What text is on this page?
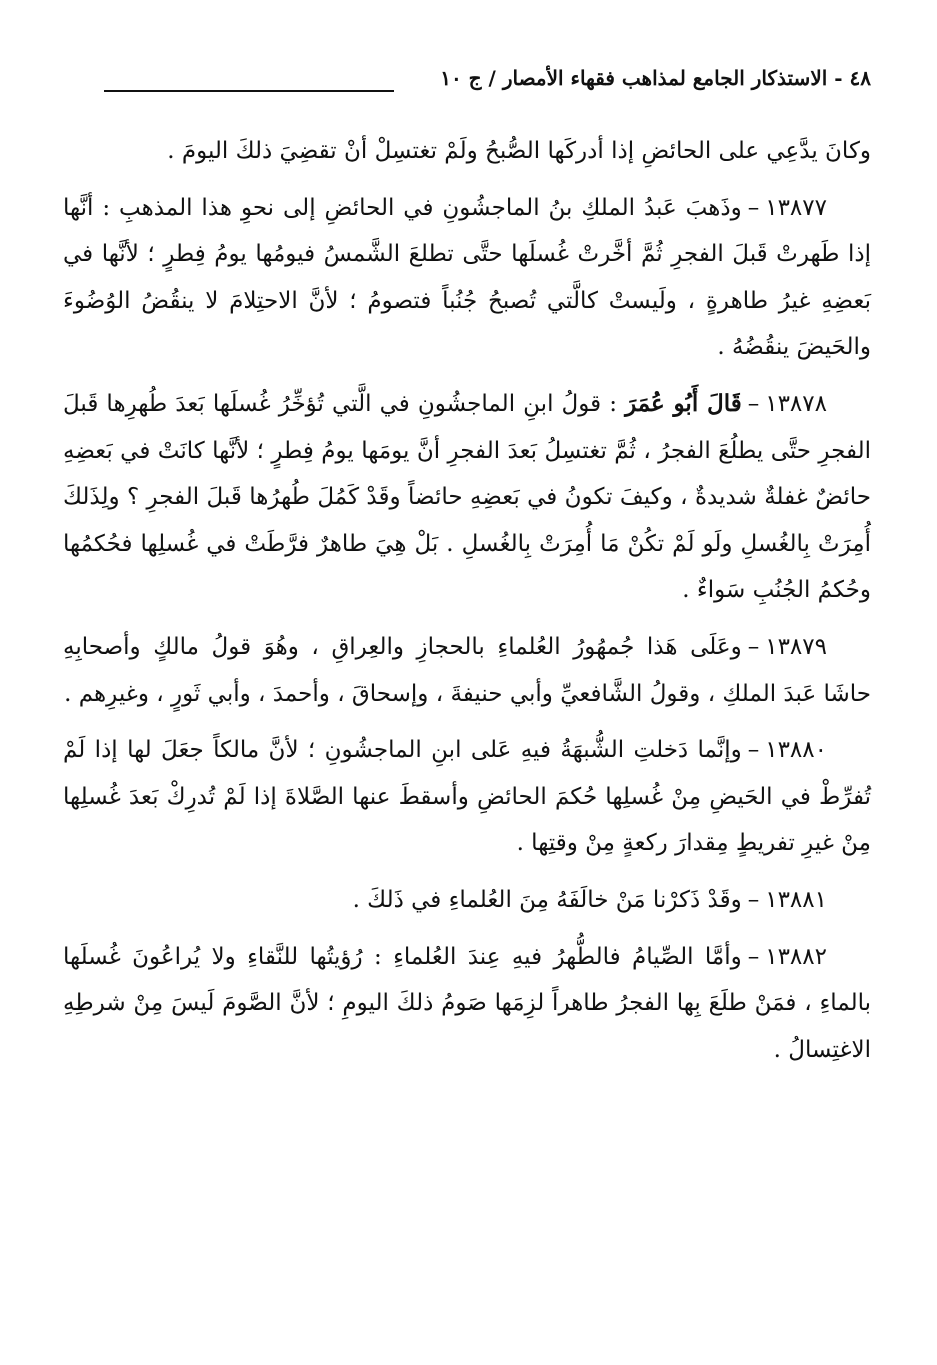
٤٨ - الاستذكار الجامع لمذاهب فقهاء الأمصار / ج ١٠

وكانَ يدَّعِي على الحائضِ إذا أدركَها الصُّبحُ ولَمْ تغتسِلْ أنْ تقضِيَ ذلكَ اليومَ .

١٣٨٧٧–وذَهبَ عَبدُ الملكِ بنُ الماجشُونِ في الحائضِ إلى نحوِ هذا المذهبِ : أنَّها إذا طَهرتْ قَبلَ الفجرِ ثُمَّ أخَّرتْ غُسلَها حتَّى تطلعَ الشَّمسُ فيومُها يومُ فِطرٍ ؛ لأنَّها في بَعضِهِ غيرُ طاهرةٍ ، ولَيستْ كالَّتي تُصبحُ جُنُباً فتصومُ ؛ لأنَّ الاحتِلامَ لا ينقُضُ الوُضُوءَ والحَيضَ ينقُضُهُ .

١٣٨٧٨–قَالَ أَبُو عُمَرَ : قولُ ابنِ الماجشُونِ في الَّتي تُؤخِّرُ غُسلَها بَعدَ طُهرِها قَبلَ الفجرِ حتَّى يطلُعَ الفجرُ ، ثُمَّ تغتسِلُ بَعدَ الفجرِ أنَّ يومَها يومُ فِطرٍ ؛ لأنَّها كانَتْ في بَعضِهِ حائضٌ غفلةٌ شديدةٌ ، وكيفَ تكونُ في بَعضِهِ حائضاً وقَدْ كَمُلَ طُهرُها قَبلَ الفجرِ ؟ ولِذَلكَ أُمِرَتْ بِالغُسلِ ولَو لَمْ تكُنْ مَا أُمِرَتْ بِالغُسلِ . بَلْ هِيَ طاهرٌ فرَّطَتْ في غُسلِها فحُكمُها وحُكمُ الجُنُبِ سَواءٌ .

١٣٨٧٩–وعَلَى هَذا جُمهُورُ العُلماءِ بالحجازِ والعِراقِ ، وهُوَ قولُ مالكٍ وأصحابِهِ حاشَا عَبدَ الملكِ ، وقولُ الشَّافعيِّ وأبي حنيفةَ ، وإسحاقَ ، وأحمدَ ، وأبي ثَورٍ ، وغيرِهم .

١٣٨٨٠–وإنَّما دَخلتِ الشُّبهَةُ فيهِ عَلى ابنِ الماجشُونِ ؛ لأنَّ مالكاً جعَلَ لها إذا لَمْ تُفرِّطْ في الحَيضِ مِنْ غُسلِها حُكمَ الحائضِ وأسقطَ عنها الصَّلاةَ إذا لَمْ تُدرِكْ بَعدَ غُسلِها مِنْ غيرِ تفريطٍ مِقدارَ ركعةٍ مِنْ وقتِها .

١٣٨٨١–وقَدْ ذَكرْنا مَنْ خالَفَهُ مِنَ العُلماءِ في ذَلكَ .

١٣٨٨٢–وأمَّا الصِّيامُ فالطُّهرُ فيهِ عِندَ العُلماءِ : رُؤيتُها للنَّقاءِ ولا يُراعُونَ غُسلَها بالماءِ ، فمَنْ طلَعَ بِها الفجرُ طاهراً لزِمَها صَومُ ذلكَ اليومِ ؛ لأنَّ الصَّومَ لَيسَ مِنْ شرطِهِ الاغتِسالُ .
